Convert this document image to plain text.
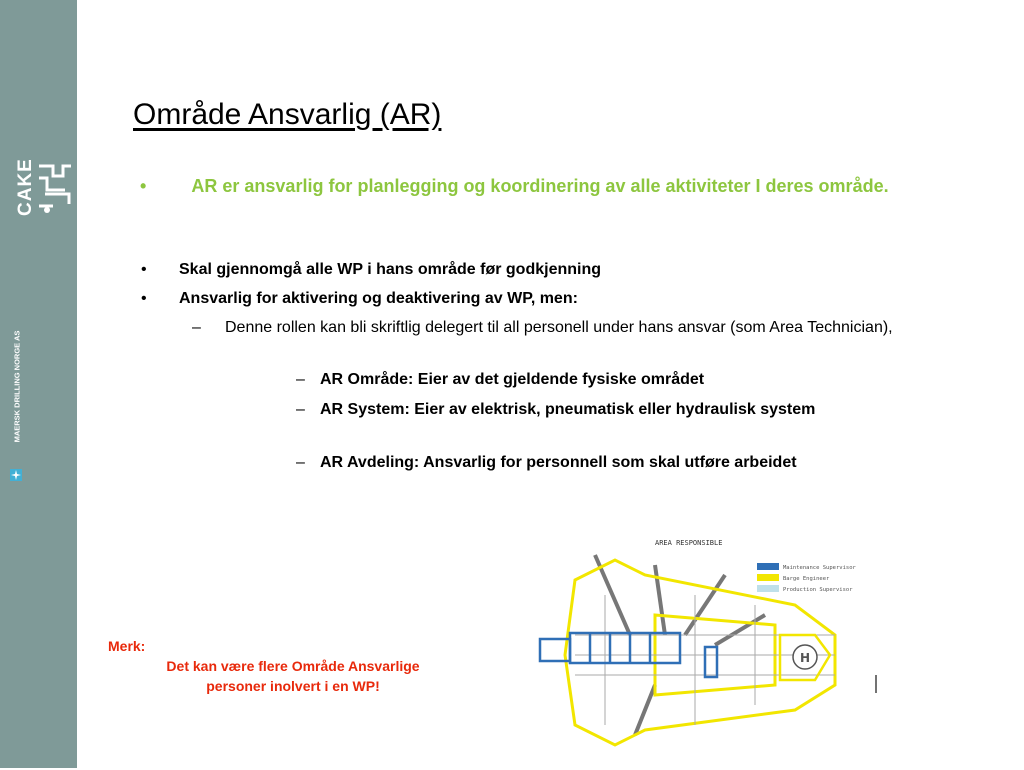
CAKE
MAERSK DRILLING NORGE AS
Område Ansvarlig (AR)
•	AR er ansvarlig for planlegging og koordinering av alle aktiviteter I deres område.
• Skal gjennomgå alle WP i hans område før godkjenning
• Ansvarlig for aktivering og deaktivering av WP, men:
– Denne rollen kan bli skriftlig delegert til all personell under hans ansvar (som Area Technician),
– AR Område: Eier av det gjeldende fysiske området
– AR System: Eier av elektrisk, pneumatisk eller hydraulisk system
– AR Avdeling: Ansvarlig for personnell som skal utføre arbeidet
Merk:
Det kan være flere Område Ansvarlige personer inolvert i en WP!
AREA RESPONSIBLE
Maintenance Supervisor
Barge Engineer
Production Supervisor
H
